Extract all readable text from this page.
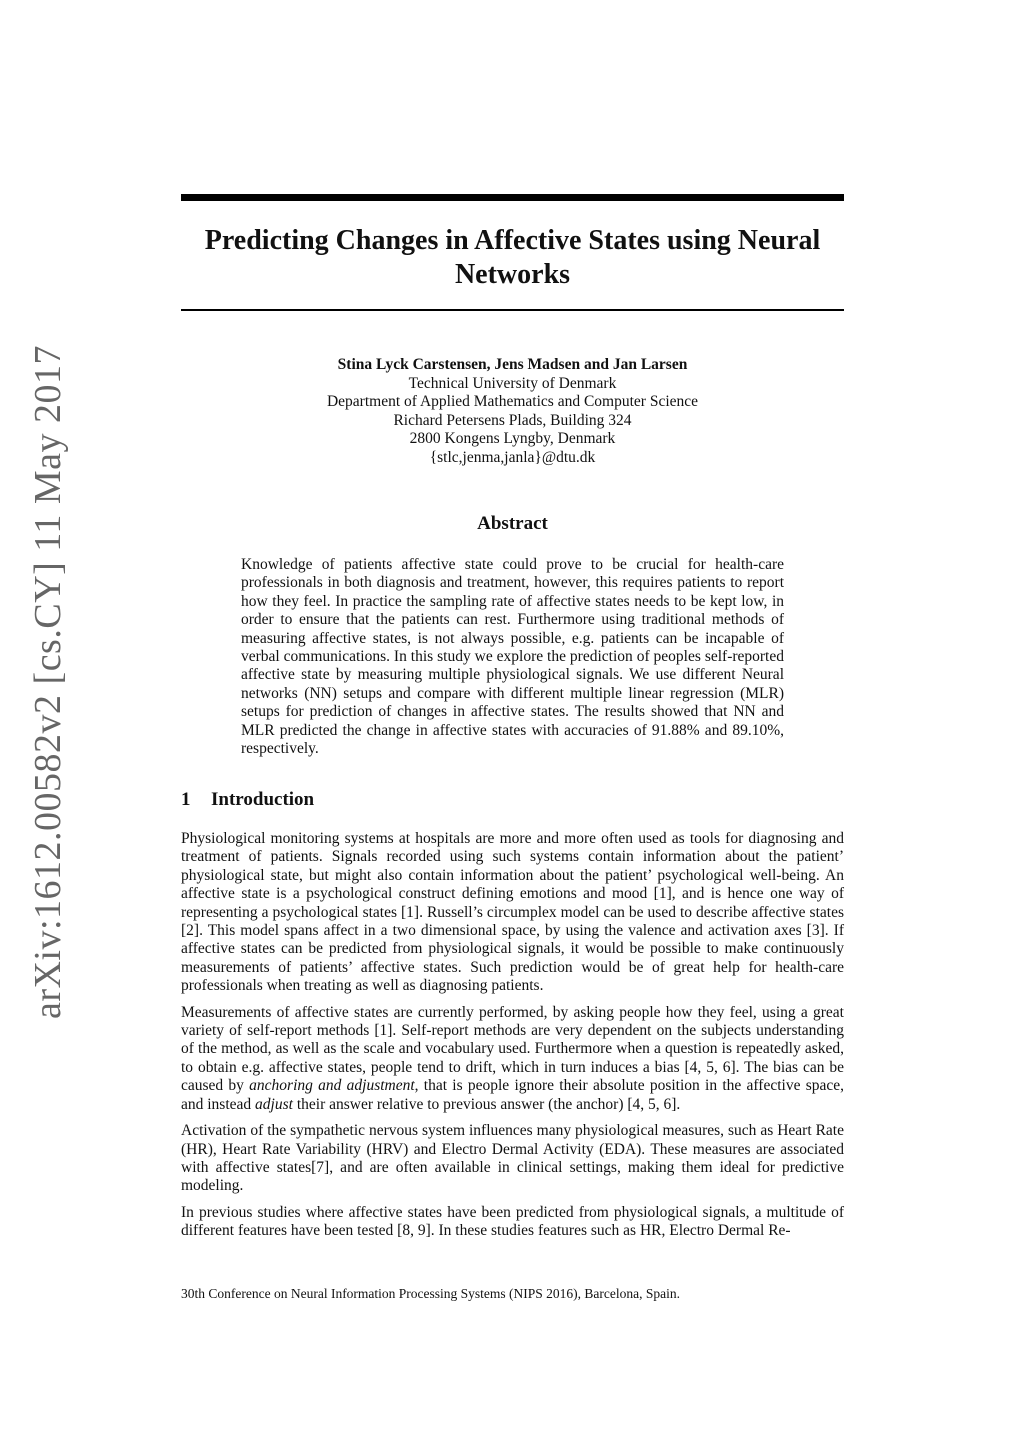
arXiv:1612.00582v2 [cs.CY] 11 May 2017
Predicting Changes in Affective States using Neural Networks
Stina Lyck Carstensen, Jens Madsen and Jan Larsen
Technical University of Denmark
Department of Applied Mathematics and Computer Science
Richard Petersens Plads, Building 324
2800 Kongens Lyngby, Denmark
{stlc,jenma,janla}@dtu.dk
Abstract

Knowledge of patients affective state could prove to be crucial for health-care professionals in both diagnosis and treatment, however, this requires patients to report how they feel. In practice the sampling rate of affective states needs to be kept low, in order to ensure that the patients can rest. Furthermore using traditional methods of measuring affective states, is not always possible, e.g. patients can be incapable of verbal communications. In this study we explore the prediction of peoples self-reported affective state by measuring multiple physiological signals. We use different Neural networks (NN) setups and compare with different multiple linear regression (MLR) setups for prediction of changes in affective states. The results showed that NN and MLR predicted the change in affective states with accuracies of 91.88% and 89.10%, respectively.

1 Introduction

Physiological monitoring systems at hospitals are more and more often used as tools for diagnosing and treatment of patients. Signals recorded using such systems contain information about the patient’ physiological state, but might also contain information about the patient’ psychological well-being. An affective state is a psychological construct defining emotions and mood [1], and is hence one way of representing a psychological states [1]. Russell’s circumplex model can be used to describe affective states [2]. This model spans affect in a two dimensional space, by using the valence and activation axes [3]. If affective states can be predicted from physiological signals, it would be possible to make continuously measurements of patients’ affective states. Such prediction would be of great help for health-care professionals when treating as well as diagnosing patients.

Measurements of affective states are currently performed, by asking people how they feel, using a great variety of self-report methods [1]. Self-report methods are very dependent on the subjects understanding of the method, as well as the scale and vocabulary used. Furthermore when a question is repeatedly asked, to obtain e.g. affective states, people tend to drift, which in turn induces a bias [4, 5, 6]. The bias can be caused by anchoring and adjustment, that is people ignore their absolute position in the affective space, and instead adjust their answer relative to previous answer (the anchor) [4, 5, 6].

Activation of the sympathetic nervous system influences many physiological measures, such as Heart Rate (HR), Heart Rate Variability (HRV) and Electro Dermal Activity (EDA). These measures are associated with affective states[7], and are often available in clinical settings, making them ideal for predictive modeling.

In previous studies where affective states have been predicted from physiological signals, a multitude of different features have been tested [8, 9]. In these studies features such as HR, Electro Dermal Re-

30th Conference on Neural Information Processing Systems (NIPS 2016), Barcelona, Spain.
